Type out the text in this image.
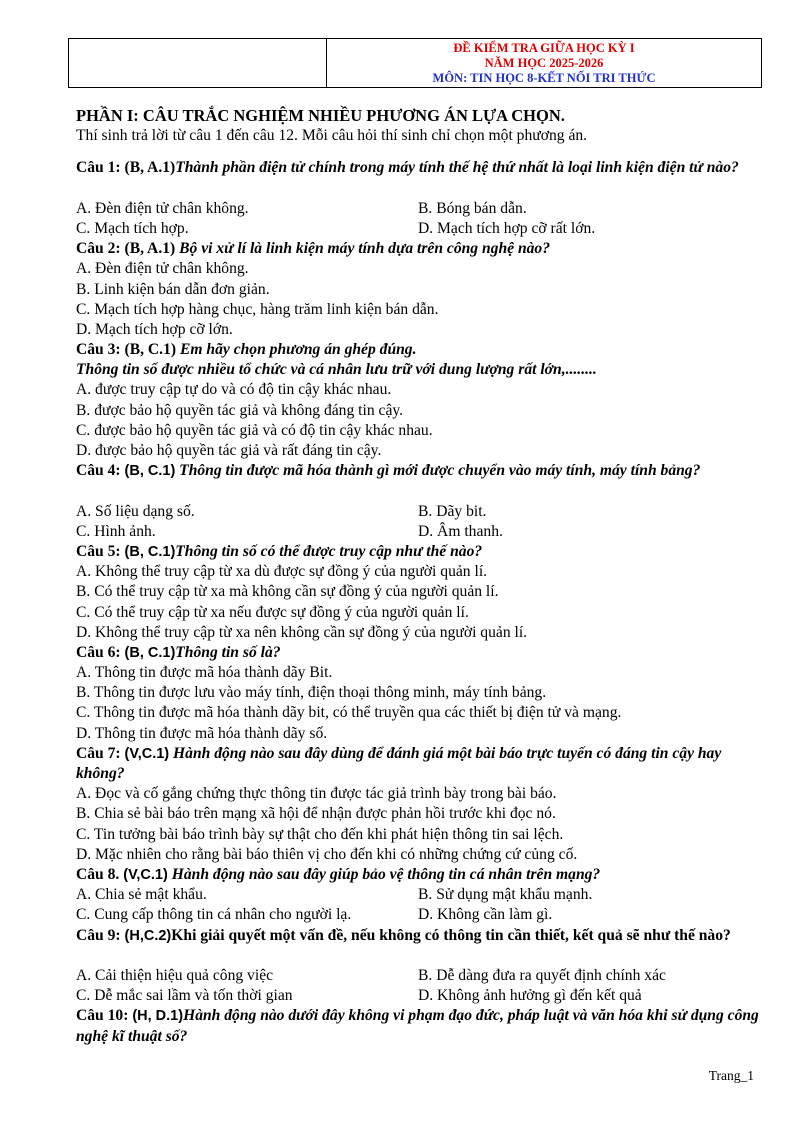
ĐỀ KIỂM TRA GIỮA HỌC KỲ I
NĂM HỌC 2025-2026
MÔN: TIN HỌC 8-KẾT NỐI TRI THỨC
PHẦN I: CÂU TRẮC NGHIỆM NHIỀU PHƯƠNG ÁN LỰA CHỌN.
Thí sinh trả lời từ câu 1 đến câu 12. Mỗi câu hỏi thí sinh chỉ chọn một phương án.
Câu 1: (B, A.1)Thành phần điện tử chính trong máy tính thế hệ thứ nhất là loại linh kiện điện tử nào?
A. Đèn điện tử chân không.	B. Bóng bán dẫn.
C. Mạch tích hợp.	D. Mạch tích hợp cỡ rất lớn.
Câu 2: (B, A.1) Bộ vi xử lí là linh kiện máy tính dựa trên công nghệ nào?
A. Đèn điện tử chân không.
B. Linh kiện bán dẫn đơn giản.
C. Mạch tích hợp hàng chục, hàng trăm linh kiện bán dẫn.
D. Mạch tích hợp cỡ lớn.
Câu 3: (B, C.1) Em hãy chọn phương án ghép đúng.
Thông tin số được nhiều tổ chức và cá nhân lưu trữ với dung lượng rất lớn,........
A. được truy cập tự do và có độ tin cậy khác nhau.
B. được bảo hộ quyền tác giả và không đáng tin cậy.
C. được bảo hộ quyền tác giả và có độ tin cậy khác nhau.
D. được bảo hộ quyền tác giả và rất đáng tin cậy.
Câu 4: (B, C.1) Thông tin được mã hóa thành gì mới được chuyển vào máy tính, máy tính bảng?
A. Số liệu dạng số.	B. Dãy bit.
C. Hình ảnh.	D. Âm thanh.
Câu 5: (B, C.1)Thông tin số có thể được truy cập như thế nào?
A. Không thể truy cập từ xa dù được sự đồng ý của người quản lí.
B. Có thể truy cập từ xa mà không cần sự đồng ý của người quản lí.
C. Có thể truy cập từ xa nếu được sự đồng ý của người quản lí.
D. Không thể truy cập từ xa nên không cần sự đồng ý của người quản lí.
Câu 6: (B, C.1)Thông tin số là?
A. Thông tin được mã hóa thành dãy Bit.
B. Thông tin được lưu vào máy tính, điện thoại thông minh, máy tính bảng.
C. Thông tin được mã hóa thành dãy bit, có thể truyền qua các thiết bị điện tử và mạng.
D. Thông tin được mã hóa thành dãy số.
Câu 7: (V,C.1) Hành động nào sau đây dùng để đánh giá một bài báo trực tuyến có đáng tin cậy hay không?
A. Đọc và cố gắng chứng thực thông tin được tác giả trình bày trong bài báo.
B. Chia sẻ bài báo trên mạng xã hội để nhận được phản hồi trước khi đọc nó.
C. Tin tưởng bài báo trình bày sự thật cho đến khi phát hiện thông tin sai lệch.
D. Mặc nhiên cho rằng bài báo thiên vị cho đến khi có những chứng cứ củng cố.
Câu 8. (V,C.1) Hành động nào sau đây giúp bảo vệ thông tin cá nhân trên mạng?
A. Chia sẻ mật khẩu.	B. Sử dụng mật khẩu mạnh.
C. Cung cấp thông tin cá nhân cho người lạ.	D. Không cần làm gì.
Câu 9: (H,C.2)Khi giải quyết một vấn đề, nếu không có thông tin cần thiết, kết quả sẽ như thế nào?
A. Cải thiện hiệu quả công việc	B. Dễ dàng đưa ra quyết định chính xác
C. Dễ mắc sai lầm và tốn thời gian	D. Không ảnh hưởng gì đến kết quả
Câu 10: (H, D.1)Hành động nào dưới đây không vi phạm đạo đức, pháp luật và văn hóa khi sử dụng công nghệ kĩ thuật số?
Trang_1
